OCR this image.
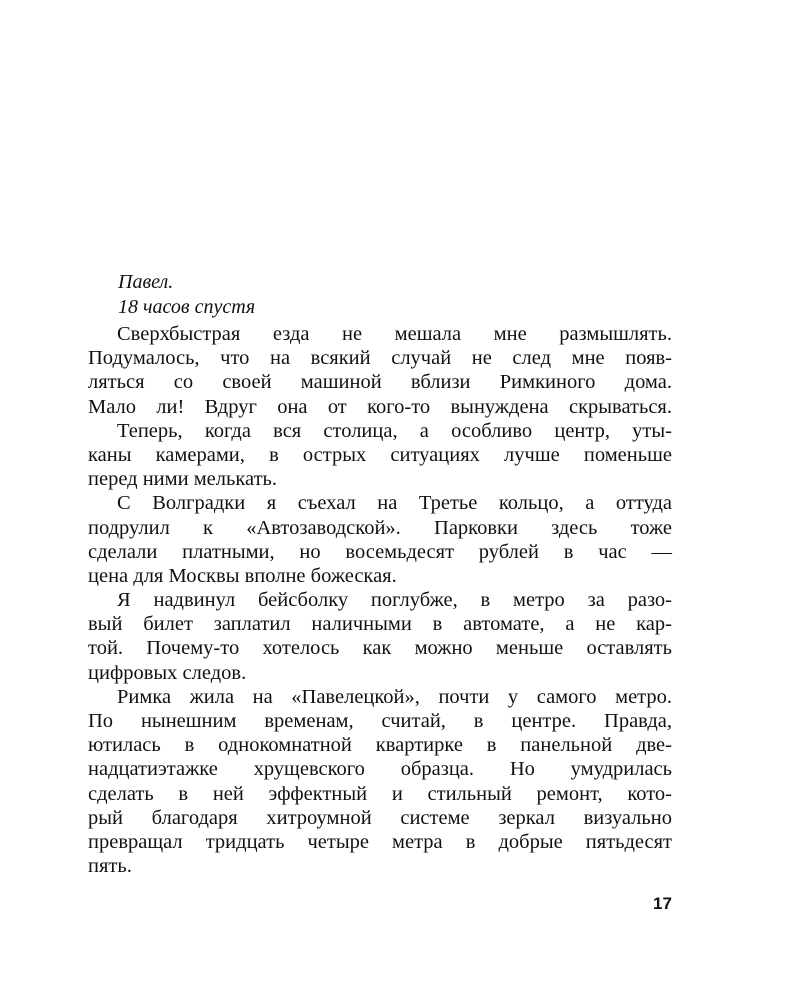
Павел.
18 часов спустя
Сверхбыстрая езда не мешала мне размышлять.
Подумалось, что на всякий случай не след мне появ-
ляться со своей машиной вблизи Римкиного дома.
Мало ли! Вдруг она от кого-то вынуждена скрываться.
Теперь, когда вся столица, а особливо центр, уты-
каны камерами, в острых ситуациях лучше поменьше
перед ними мелькать.
С Волградки я съехал на Третье кольцо, а оттуда
подрулил к «Автозаводской». Парковки здесь тоже
сделали платными, но восемьдесят рублей в час —
цена для Москвы вполне божеская.
Я надвинул бейсболку поглубже, в метро за разо-
вый билет заплатил наличными в автомате, а не кар-
той. Почему-то хотелось как можно меньше оставлять
цифровых следов.
Римка жила на «Павелецкой», почти у самого метро.
По нынешним временам, считай, в центре. Правда,
ютилась в однокомнатной квартирке в панельной две-
надцатиэтажке хрущевского образца. Но умудрилась
сделать в ней эффектный и стильный ремонт, кото-
рый благодаря хитроумной системе зеркал визуально
превращал тридцать четыре метра в добрые пятьдесят
пять.
17
